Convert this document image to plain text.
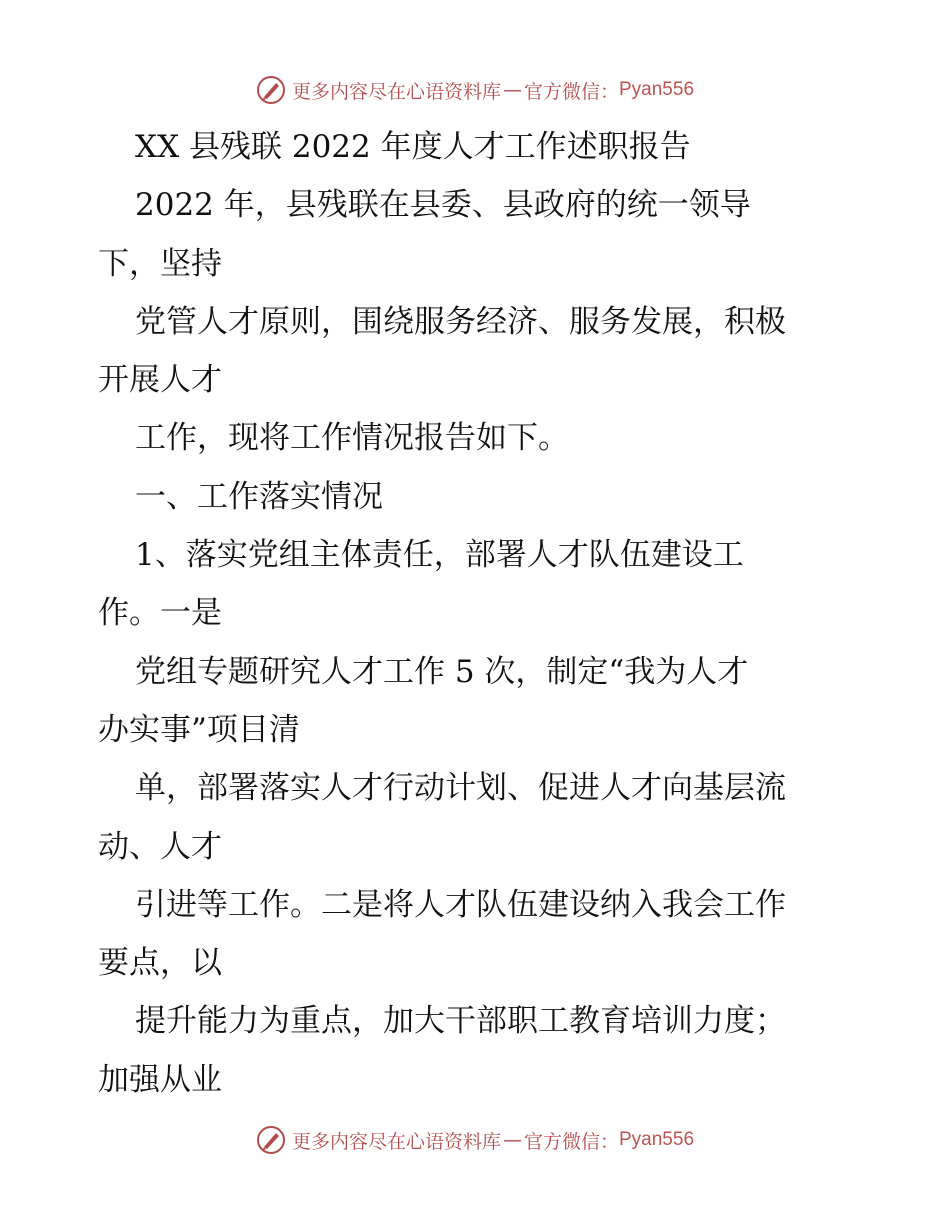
更多内容尽在心语资料库 — 官方微信： Pyan556
XX 县残联 2022 年度人才工作述职报告
2022 年，县残联在县委、县政府的统一领导
下，坚持
党管人才原则，围绕服务经济、服务发展，积极
开展人才
工作，现将工作情况报告如下。
一、工作落实情况
1、落实党组主体责任，部署人才队伍建设工
作。一是
党组专题研究人才工作 5 次，制定“我为人才
办实事”项目清
单，部署落实人才行动计划、促进人才向基层流
动、人才
引进等工作。二是将人才队伍建设纳入我会工作
要点，以
提升能力为重点，加大干部职工教育培训力度；
加强从业
更多内容尽在心语资料库 — 官方微信： Pyan556
